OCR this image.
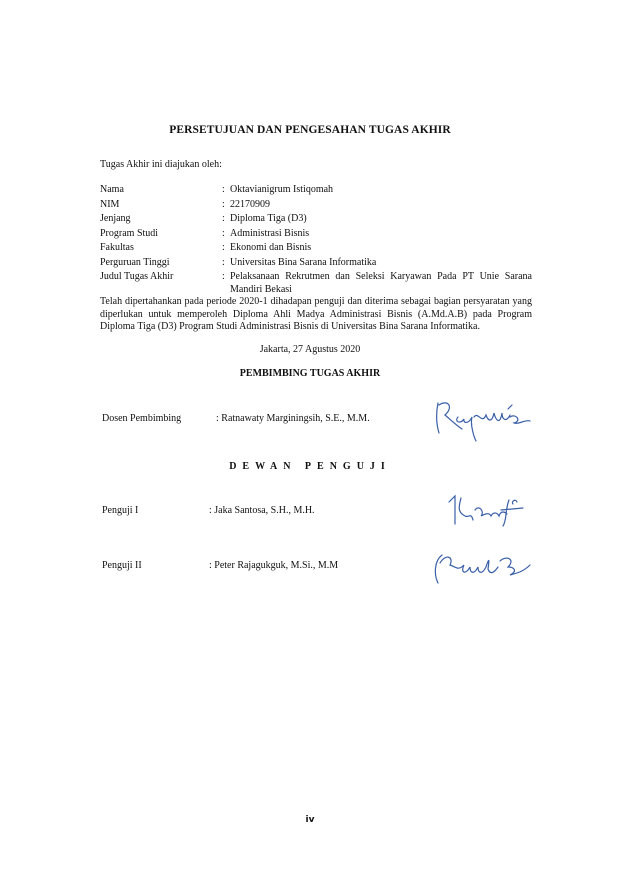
PERSETUJUAN DAN PENGESAHAN TUGAS AKHIR
Tugas Akhir ini diajukan oleh:
Nama	: Oktavianigrum Istiqomah
NIM	: 22170909
Jenjang	: Diploma Tiga (D3)
Program Studi	: Administrasi Bisnis
Fakultas	: Ekonomi dan Bisnis
Perguruan Tinggi	: Universitas Bina Sarana Informatika
Judul Tugas Akhir	: Pelaksanaan Rekrutmen dan Seleksi Karyawan Pada PT Unie Sarana Mandiri Bekasi
Telah dipertahankan pada periode 2020-1 dihadapan penguji dan diterima sebagai bagian persyaratan yang diperlukan untuk memperoleh Diploma Ahli Madya Administrasi Bisnis (A.Md.A.B) pada Program Diploma Tiga (D3) Program Studi Administrasi Bisnis di Universitas Bina Sarana Informatika.
Jakarta, 27 Agustus 2020
PEMBIMBING TUGAS AKHIR
Dosen Pembimbing	: Ratnawaty Marginingsih, S.E., M.M.
DEWAN PENGUJI
Penguji I	: Jaka Santosa, S.H., M.H.
Penguji II	: Peter Rajagukguk, M.Si., M.M
iv
